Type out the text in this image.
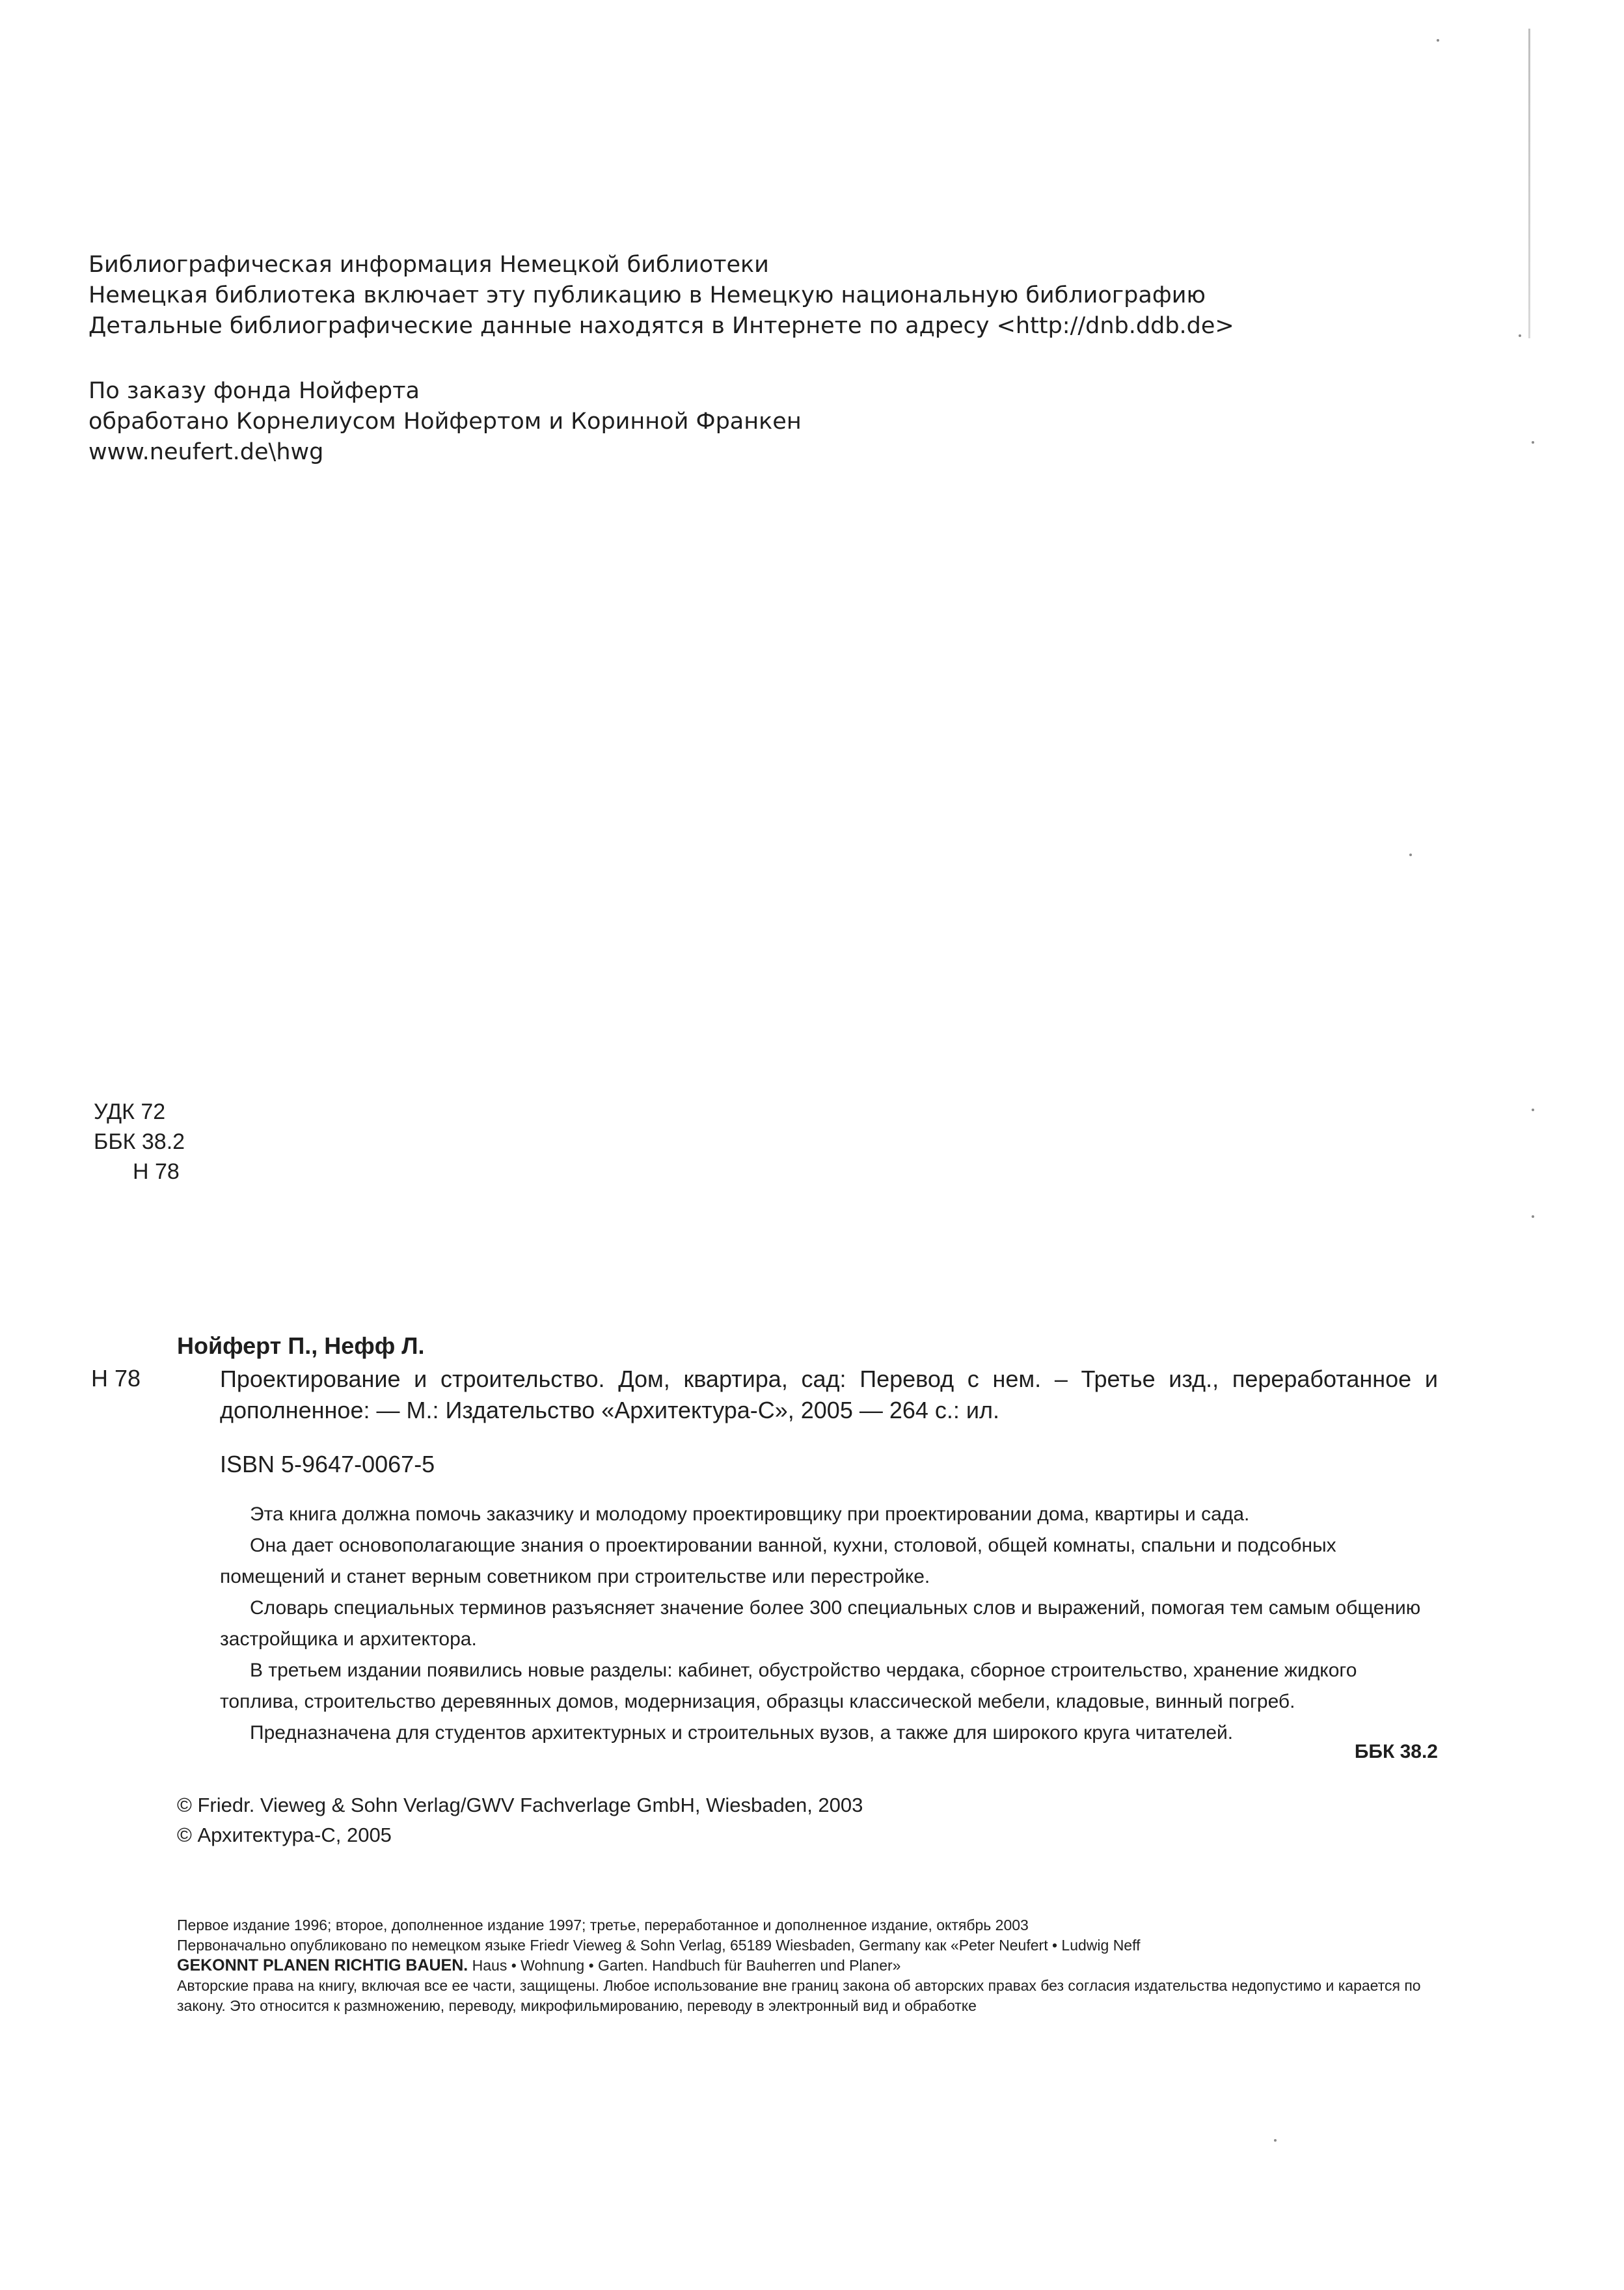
Библиографическая информация Немецкой библиотеки
Немецкая библиотека включает эту публикацию в Немецкую национальную библиографию
Детальные библиографические данные находятся в Интернете по адресу <http://dnb.ddb.de>
По заказу фонда Нойферта
обработано Корнелиусом Нойфертом и Коринной Франкен
www.neufert.de\hwg
УДК 72
ББК 38.2
Н 78
Нойферт П., Нефф Л.
Н 78	Проектирование и строительство. Дом, квартира, сад: Перевод с нем. – Третье изд., переработанное и дополненное: — М.: Издательство «Архитектура-С», 2005 — 264 с.: ил.
ISBN 5-9647-0067-5

Эта книга должна помочь заказчику и молодому проектировщику при проектировании дома, квартиры и сада.

Она дает основополагающие знания о проектировании ванной, кухни, столовой, общей комнаты, спальни и подсобных помещений и станет верным советником при строительстве или перестройке.

Словарь специальных терминов разъясняет значение более 300 специальных слов и выражений, помогая тем самым общению застройщика и архитектора.

В третьем издании появились новые разделы: кабинет, обустройство чердака, сборное строительство, хранение жидкого топлива, строительство деревянных домов, модернизация, образцы классической мебели, кладовые, винный погреб.

Предназначена для студентов архитектурных и строительных вузов, а также для широкого круга читателей.

ББК 38.2
© Friedr. Vieweg & Sohn Verlag/GWV Fachverlage GmbH, Wiesbaden, 2003
© Архитектура-С, 2005
Первое издание 1996; второе, дополненное издание 1997; третье, переработанное и дополненное издание, октябрь 2003
Первоначально опубликовано по немецком языке Friedr Vieweg & Sohn Verlag, 65189 Wiesbaden, Germany как «Peter Neufert • Ludwig Neff
GEKONNT PLANEN RICHTIG BAUEN. Haus • Wohnung • Garten. Handbuch für Bauherren und Planer»
Авторские права на книгу, включая все ее части, защищены. Любое использование вне границ закона об авторских правах без согласия издательства недопустимо и карается по закону. Это относится к размножению, переводу, микрофильмированию, переводу в электронный вид и обработке
